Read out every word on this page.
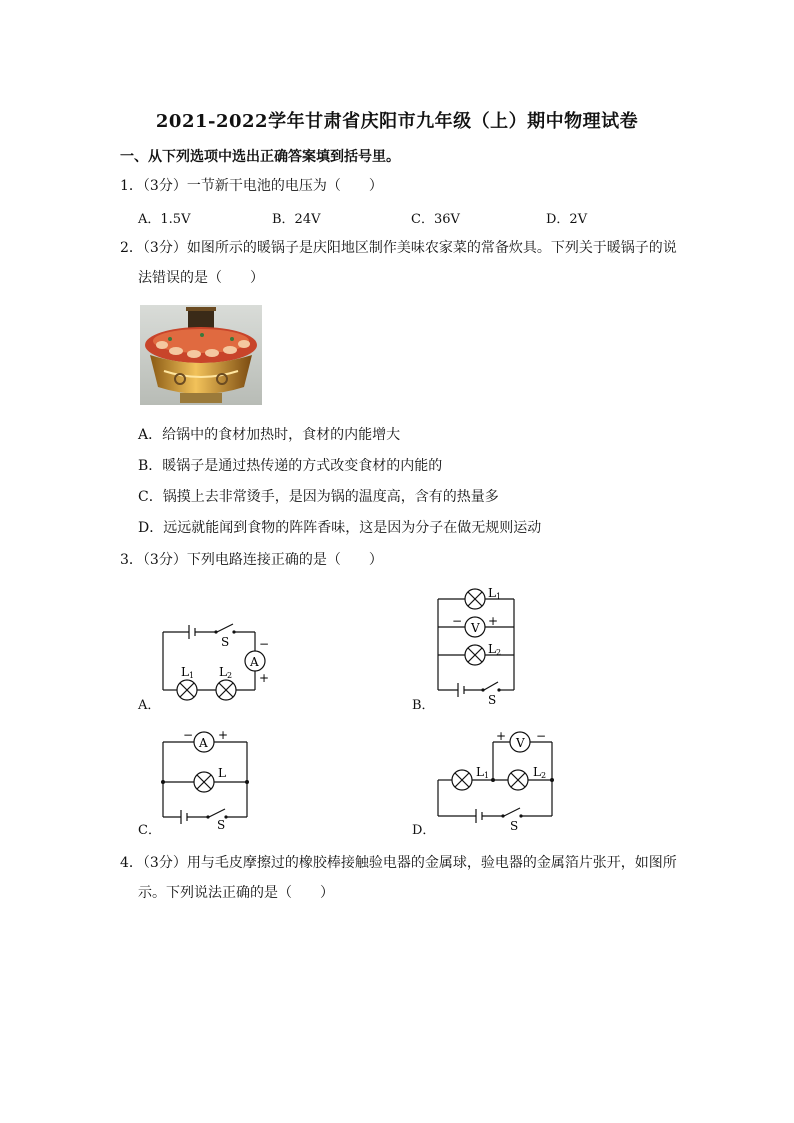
2021-2022学年甘肃省庆阳市九年级（上）期中物理试卷
一、从下列选项中选出正确答案填到括号里。
1．（3分）一节新干电池的电压为（　　）
A．1.5V	B．24V	C．36V	D．2V
2．（3分）如图所示的暖锅子是庆阳地区制作美味农家菜的常备炊具。下列关于暖锅子的说
法错误的是（　　）
A．给锅中的食材加热时，食材的内能增大
B．暖锅子是通过热传递的方式改变食材的内能的
C．锅摸上去非常烫手，是因为锅的温度高，含有的热量多
D．远远就能闻到食物的阵阵香味，这是因为分子在做无规则运动
3．（3分）下列电路连接正确的是（　　）
A．	B．
C．	D．
S
A
−
+
L1 L2
L1
V
− +
L2
S
A
− +
L
S
V
+ −
L1	L2
S
4．（3分）用与毛皮摩擦过的橡胶棒接触验电器的金属球，验电器的金属箔片张开，如图所
示。下列说法正确的是（　　）
